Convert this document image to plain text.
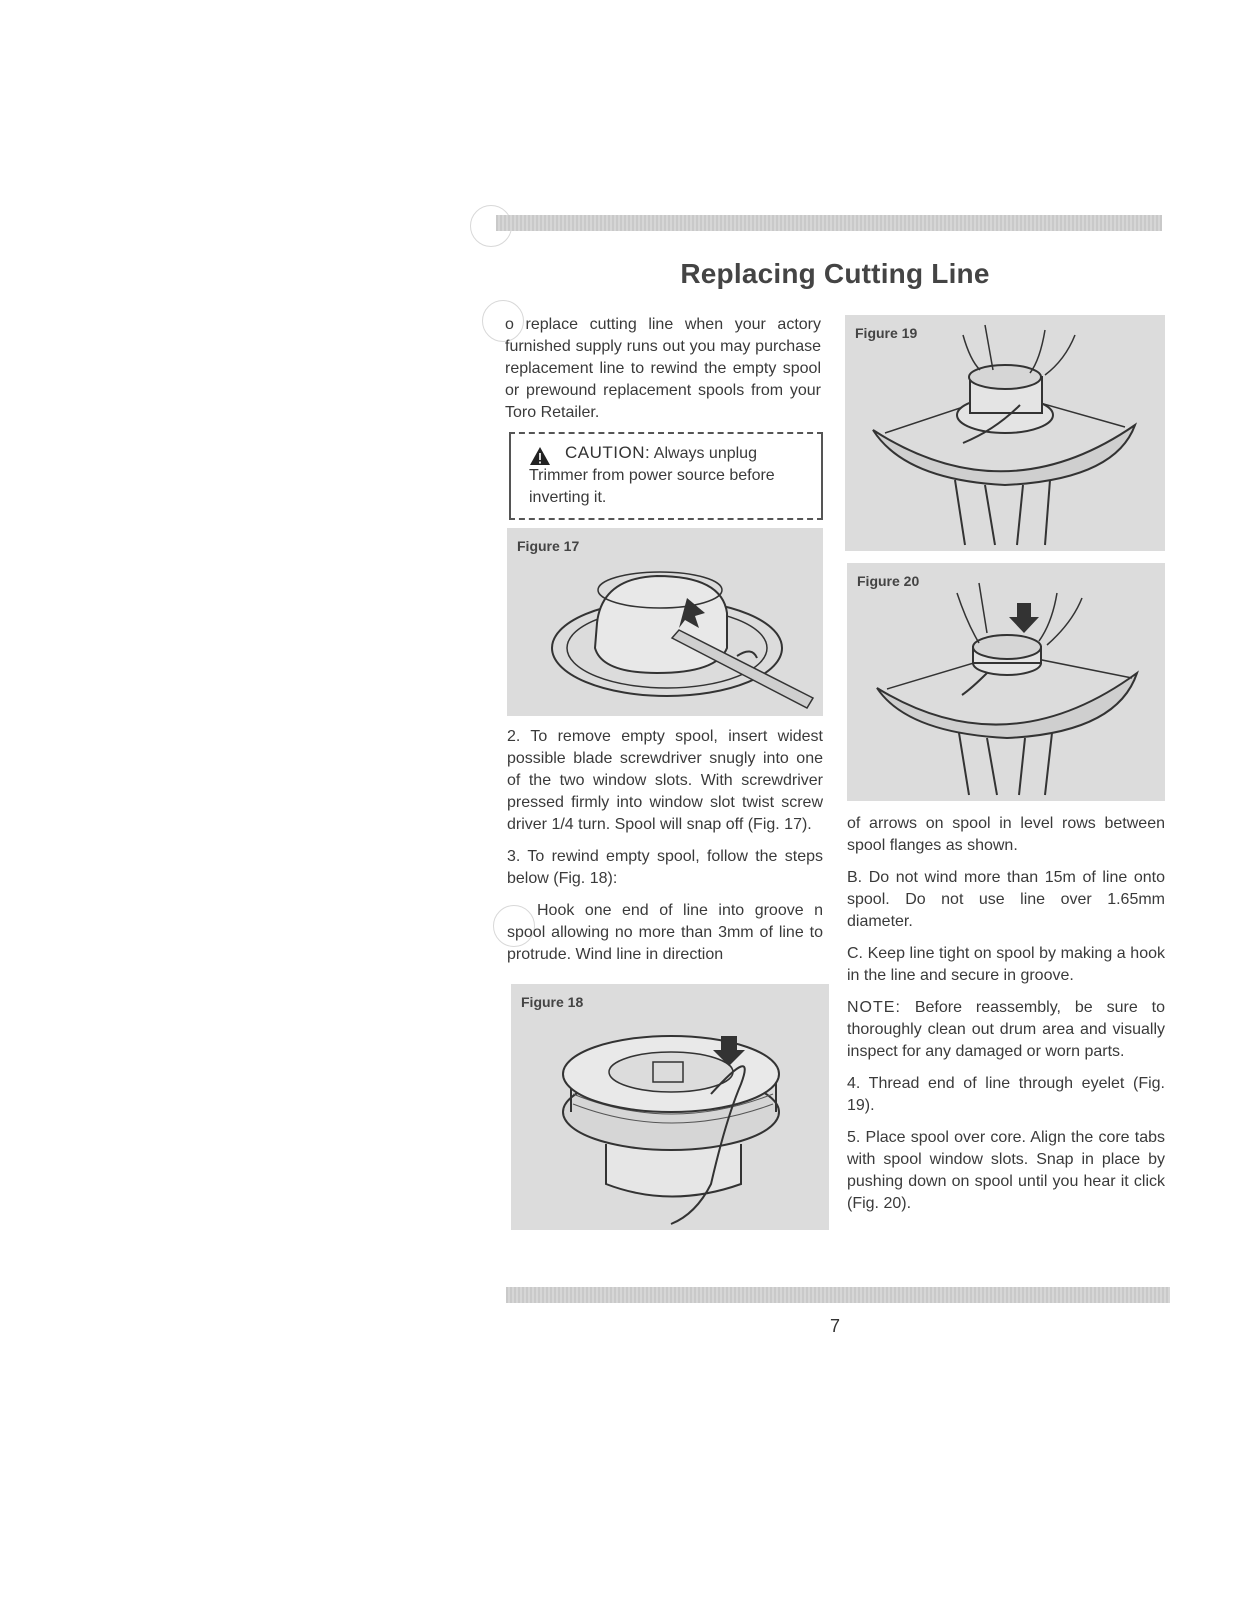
Replacing Cutting Line

o replace cutting line when your actory furnished supply runs out you may purchase replacement line to rewind the empty spool or prewound replacement spools from your Toro Retailer.

CAUTION: Always unplug Trimmer from power source before inverting it.
Figure 17

2. To remove empty spool, insert widest possible blade screwdriver snugly into one of the two window slots. With screwdriver pressed firmly into window slot twist screw driver 1/4 turn. Spool will snap off (Fig. 17).

3. To rewind empty spool, follow the steps below (Fig. 18):

Hook one end of line into groove n spool allowing no more than 3mm of line to protrude. Wind line in direction

Figure 18
Figure 19
Figure 20

of arrows on spool in level rows between spool flanges as shown.

B. Do not wind more than 15m of line onto spool. Do not use line over 1.65mm diameter.

C. Keep line tight on spool by making a hook in the line and secure in groove.

NOTE: Before reassembly, be sure to thoroughly clean out drum area and visually inspect for any damaged or worn parts.

4. Thread end of line through eyelet (Fig. 19).

5. Place spool over core. Align the core tabs with spool window slots. Snap in place by pushing down on spool until you hear it click (Fig. 20).

7
